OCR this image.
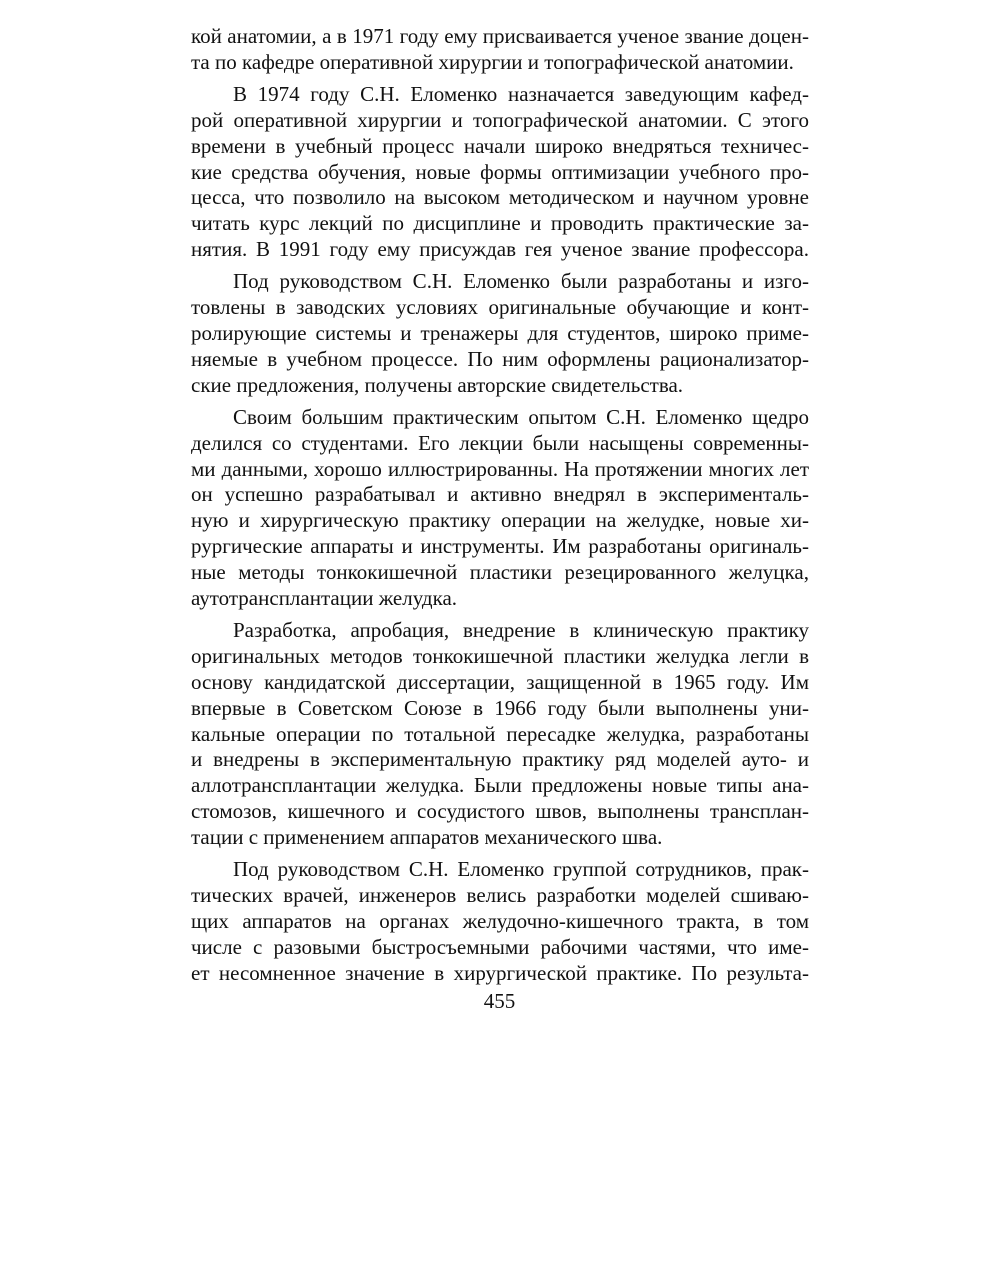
кой анатомии, а в 1971 году ему присваивается ученое звание доцен-
та по кафедре оперативной хирургии и топографической анатомии.
В 1974 году С.Н. Еломенко назначается заведующим кафед-
рой оперативной хирургии и топографической анатомии. С этого
времени в учебный процесс начали широко внедряться техничес-
кие средства обучения, новые формы оптимизации учебного про-
цесса, что позволило на высоком методическом и научном уровне
читать курс лекций по дисциплине и проводить практические за-
нятия. В 1991 году ему присуждав гея ученое звание профессора.
Под руководством С.Н. Еломенко были разработаны и изго-
товлены в заводских условиях оригинальные обучающие и конт-
ролирующие системы и тренажеры для студентов, широко приме-
няемые в учебном процессе. По ним оформлены рационализатор-
ские предложения, получены авторские свидетельства.
Своим большим практическим опытом С.Н. Еломенко щедро
делился со студентами. Его лекции были насыщены современны-
ми данными, хорошо иллюстрированны. На протяжении многих лет
он успешно разрабатывал и активно внедрял в эксперименталь-
ную и хирургическую практику операции на желудке, новые хи-
рургические аппараты и инструменты. Им разработаны оригиналь-
ные методы тонкокишечной пластики резецированного желуцка,
аутотрансплантации желудка.
Разработка, апробация, внедрение в клиническую практику
оригинальных методов тонкокишечной пластики желудка легли в
основу кандидатской диссертации, защищенной в 1965 году. Им
впервые в Советском Союзе в 1966 году были выполнены уни-
кальные операции по тотальной пересадке желудка, разработаны
и внедрены в экспериментальную практику ряд моделей ауто- и
аллотрансплантации желудка. Были предложены новые типы ана-
стомозов, кишечного и сосудистого швов, выполнены трансплан-
тации с применением аппаратов механического шва.
Под руководством С.Н. Еломенко группой сотрудников, прак-
тических врачей, инженеров велись разработки моделей сшиваю-
щих аппаратов на органах желудочно-кишечного тракта, в том
числе с разовыми быстросъемными рабочими частями, что име-
ет несомненное значение в хирургической практике. По результа-
455
